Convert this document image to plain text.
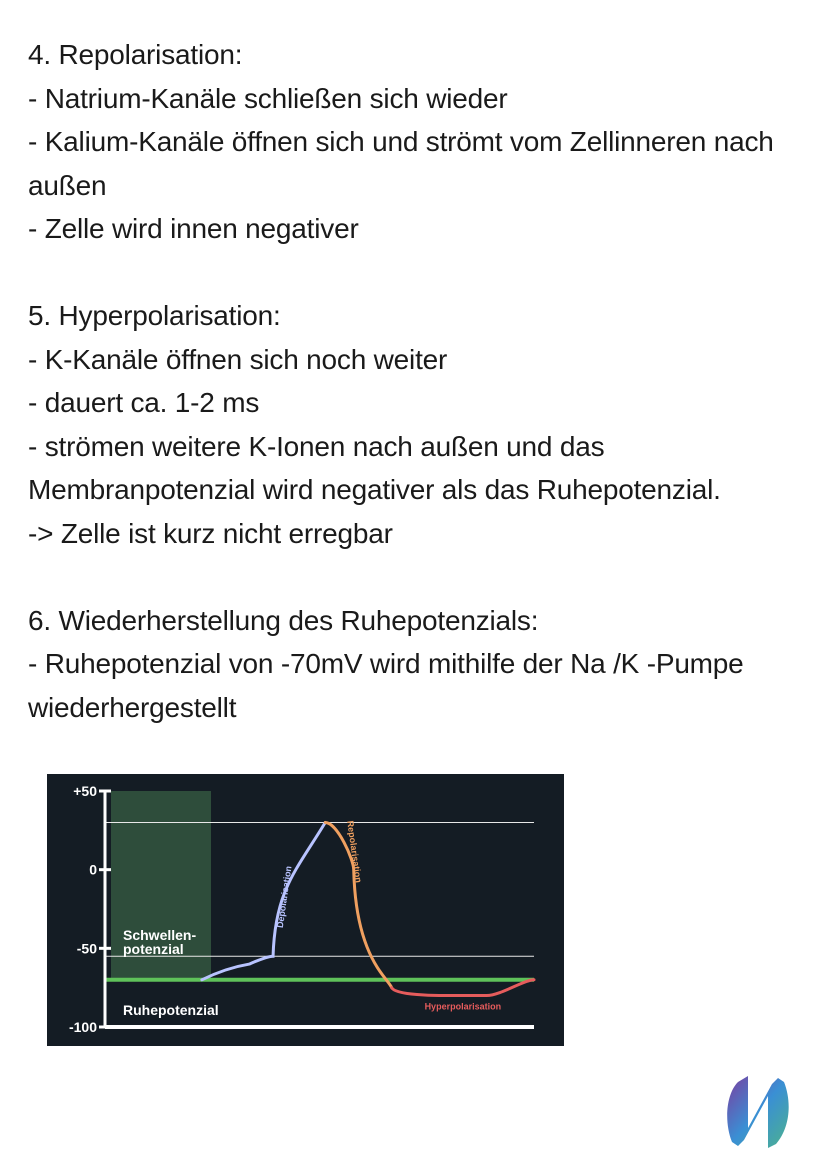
4. Repolarisation:
- Natrium-Kanäle schließen sich wieder
- Kalium-Kanäle öffnen sich und strömt vom Zellinneren nach
außen
- Zelle wird innen negativer
5. Hyperpolarisation:
- K-Kanäle öffnen sich noch weiter
- dauert ca. 1-2 ms
- strömen weitere K-Ionen nach außen und das
Membranpotenzial wird negativer als das Ruhepotenzial.
-> Zelle ist kurz nicht erregbar
6. Wiederherstellung des Ruhepotenzials:
- Ruhepotenzial von -70mV wird mithilfe der Na /K -Pumpe
wiederhergestellt
+50
0
-50
-100
Schwellen-
potenzial
Ruhepotenzial
Depolarisation
Repolarisation
Hyperpolarisation
